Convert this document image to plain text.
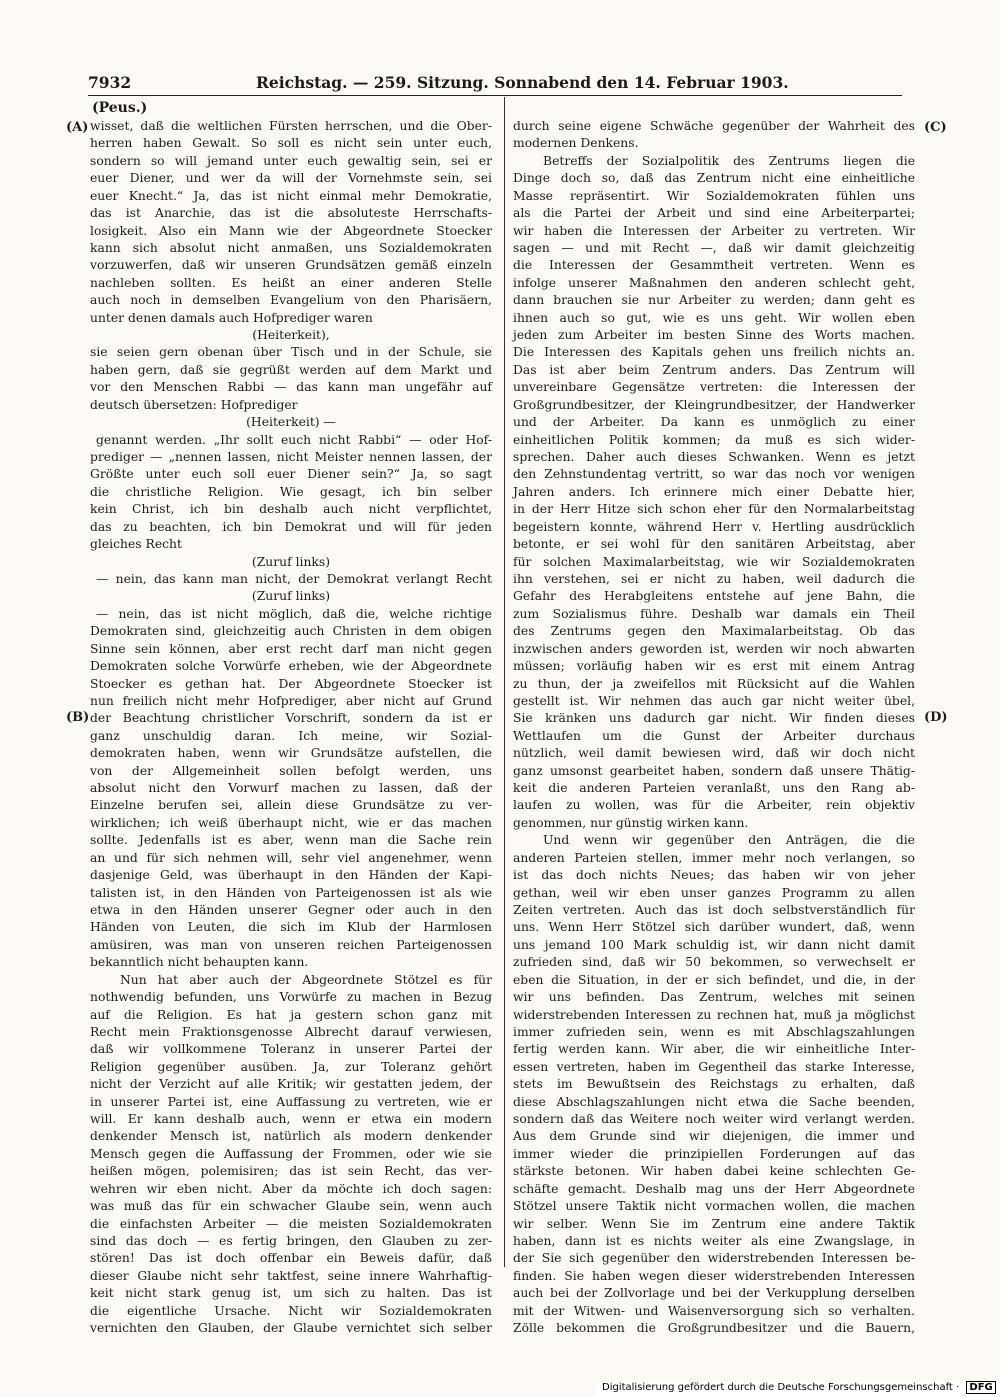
7932	Reichstag. — 259. Sitzung. Sonnabend den 14. Februar 1903.
(Peus.)
(A)
(B)
(C)
(D)

wisset, daß die weltlichen Fürsten herrschen, und die Ober-

herren haben Gewalt. So soll es nicht sein unter euch,

sondern so will jemand unter euch gewaltig sein, sei er

euer Diener, und wer da will der Vornehmste sein, sei

euer Knecht.“ Ja, das ist nicht einmal mehr Demokratie,

das ist Anarchie, das ist die absoluteste Herrschafts-

losigkeit. Also ein Mann wie der Abgeordnete Stoecker

kann sich absolut nicht anmaßen, uns Sozialdemokraten

vorzuwerfen, daß wir unseren Grundsätzen gemäß einzeln

nachleben sollten. Es heißt an einer anderen Stelle

auch noch in demselben Evangelium von den Pharisäern,

unter denen damals auch Hofprediger waren

(Heiterkeit),

sie seien gern obenan über Tisch und in der Schule, sie

haben gern, daß sie gegrüßt werden auf dem Markt und

vor den Menschen Rabbi — das kann man ungefähr auf

deutsch übersetzen: Hofprediger

(Heiterkeit) —

genannt werden. „Ihr sollt euch nicht Rabbi“ — oder Hof-

prediger — „nennen lassen, nicht Meister nennen lassen, der

Größte unter euch soll euer Diener sein?“ Ja, so sagt

die christliche Religion. Wie gesagt, ich bin selber

kein Christ, ich bin deshalb auch nicht verpflichtet,

das zu beachten, ich bin Demokrat und will für jeden

gleiches Recht

(Zuruf links)

— nein, das kann man nicht, der Demokrat verlangt Recht

(Zuruf links)

— nein, das ist nicht möglich, daß die, welche richtige

Demokraten sind, gleichzeitig auch Christen in dem obigen

Sinne sein können, aber erst recht darf man nicht gegen

Demokraten solche Vorwürfe erheben, wie der Abgeordnete

Stoecker es gethan hat. Der Abgeordnete Stoecker ist

nun freilich nicht mehr Hofprediger, aber nicht auf Grund

der Beachtung christlicher Vorschrift, sondern da ist er

ganz unschuldig daran. Ich meine, wir Sozial-

demokraten haben, wenn wir Grundsätze aufstellen, die

von der Allgemeinheit sollen befolgt werden, uns

absolut nicht den Vorwurf machen zu lassen, daß der

Einzelne berufen sei, allein diese Grundsätze zu ver-

wirklichen; ich weiß überhaupt nicht, wie er das machen

sollte. Jedenfalls ist es aber, wenn man die Sache rein

an und für sich nehmen will, sehr viel angenehmer, wenn

dasjenige Geld, was überhaupt in den Händen der Kapi-

talisten ist, in den Händen von Parteigenossen ist als wie

etwa in den Händen unserer Gegner oder auch in den

Händen von Leuten, die sich im Klub der Harmlosen

amüsiren, was man von unseren reichen Parteigenossen

bekanntlich nicht behaupten kann.

Nun hat aber auch der Abgeordnete Stötzel es für

nothwendig befunden, uns Vorwürfe zu machen in Bezug

auf die Religion. Es hat ja gestern schon ganz mit

Recht mein Fraktionsgenosse Albrecht darauf verwiesen,

daß wir vollkommene Toleranz in unserer Partei der

Religion gegenüber ausüben. Ja, zur Toleranz gehört

nicht der Verzicht auf alle Kritik; wir gestatten jedem, der

in unserer Partei ist, eine Auffassung zu vertreten, wie er

will. Er kann deshalb auch, wenn er etwa ein modern

denkender Mensch ist, natürlich als modern denkender

Mensch gegen die Auffassung der Frommen, oder wie sie

heißen mögen, polemisiren; das ist sein Recht, das ver-

wehren wir eben nicht. Aber da möchte ich doch sagen:

was muß das für ein schwacher Glaube sein, wenn auch

die einfachsten Arbeiter — die meisten Sozialdemokraten

sind das doch — es fertig bringen, den Glauben zu zer-

stören! Das ist doch offenbar ein Beweis dafür, daß

dieser Glaube nicht sehr taktfest, seine innere Wahrhaftig-

keit nicht stark genug ist, um sich zu halten. Das ist

die eigentliche Ursache. Nicht wir Sozialdemokraten

vernichten den Glauben, der Glaube vernichtet sich selber

durch seine eigene Schwäche gegenüber der Wahrheit des

modernen Denkens.

Betreffs der Sozialpolitik des Zentrums liegen die

Dinge doch so, daß das Zentrum nicht eine einheitliche

Masse repräsentirt. Wir Sozialdemokraten fühlen uns

als die Partei der Arbeit und sind eine Arbeiterpartei;

wir haben die Interessen der Arbeiter zu vertreten. Wir

sagen — und mit Recht —, daß wir damit gleichzeitig

die Interessen der Gesammtheit vertreten. Wenn es

infolge unserer Maßnahmen den anderen schlecht geht,

dann brauchen sie nur Arbeiter zu werden; dann geht es

ihnen auch so gut, wie es uns geht. Wir wollen eben

jeden zum Arbeiter im besten Sinne des Worts machen.

Die Interessen des Kapitals gehen uns freilich nichts an.

Das ist aber beim Zentrum anders. Das Zentrum will

unvereinbare Gegensätze vertreten: die Interessen der

Großgrundbesitzer, der Kleingrundbesitzer, der Handwerker

und der Arbeiter. Da kann es unmöglich zu einer

einheitlichen Politik kommen; da muß es sich wider-

sprechen. Daher auch dieses Schwanken. Wenn es jetzt

den Zehnstundentag vertritt, so war das noch vor wenigen

Jahren anders. Ich erinnere mich einer Debatte hier,

in der Herr Hitze sich schon eher für den Normalarbeitstag

begeistern konnte, während Herr v. Hertling ausdrücklich

betonte, er sei wohl für den sanitären Arbeitstag, aber

für solchen Maximalarbeitstag, wie wir Sozialdemokraten

ihn verstehen, sei er nicht zu haben, weil dadurch die

Gefahr des Herabgleitens entstehe auf jene Bahn, die

zum Sozialismus führe. Deshalb war damals ein Theil

des Zentrums gegen den Maximalarbeitstag. Ob das

inzwischen anders geworden ist, werden wir noch abwarten

müssen; vorläufig haben wir es erst mit einem Antrag

zu thun, der ja zweifellos mit Rücksicht auf die Wahlen

gestellt ist. Wir nehmen das auch gar nicht weiter übel,

Sie kränken uns dadurch gar nicht. Wir finden dieses

Wettlaufen um die Gunst der Arbeiter durchaus

nützlich, weil damit bewiesen wird, daß wir doch nicht

ganz umsonst gearbeitet haben, sondern daß unsere Thätig-

keit die anderen Parteien veranlaßt, uns den Rang ab-

laufen zu wollen, was für die Arbeiter, rein objektiv

genommen, nur günstig wirken kann.

Und wenn wir gegenüber den Anträgen, die die

anderen Parteien stellen, immer mehr noch verlangen, so

ist das doch nichts Neues; das haben wir von jeher

gethan, weil wir eben unser ganzes Programm zu allen

Zeiten vertreten. Auch das ist doch selbstverständlich für

uns. Wenn Herr Stötzel sich darüber wundert, daß, wenn

uns jemand 100 Mark schuldig ist, wir dann nicht damit

zufrieden sind, daß wir 50 bekommen, so verwechselt er

eben die Situation, in der er sich befindet, und die, in der

wir uns befinden. Das Zentrum, welches mit seinen

widerstrebenden Interessen zu rechnen hat, muß ja möglichst

immer zufrieden sein, wenn es mit Abschlagszahlungen

fertig werden kann. Wir aber, die wir einheitliche Inter-

essen vertreten, haben im Gegentheil das starke Interesse,

stets im Bewußtsein des Reichstags zu erhalten, daß

diese Abschlagszahlungen nicht etwa die Sache beenden,

sondern daß das Weitere noch weiter wird verlangt werden.

Aus dem Grunde sind wir diejenigen, die immer und

immer wieder die prinzipiellen Forderungen auf das

stärkste betonen. Wir haben dabei keine schlechten Ge-

schäfte gemacht. Deshalb mag uns der Herr Abgeordnete

Stötzel unsere Taktik nicht vormachen wollen, die machen

wir selber. Wenn Sie im Zentrum eine andere Taktik

haben, dann ist es nichts weiter als eine Zwangslage, in

der Sie sich gegenüber den widerstrebenden Interessen be-

finden. Sie haben wegen dieser widerstrebenden Interessen

auch bei der Zollvorlage und bei der Verkupplung derselben

mit der Witwen- und Waisenversorgung sich so verhalten.

Zölle bekommen die Großgrundbesitzer und die Bauern,

Digitalisierung gefördert durch die Deutsche Forschungsgemeinschaft · DFG
